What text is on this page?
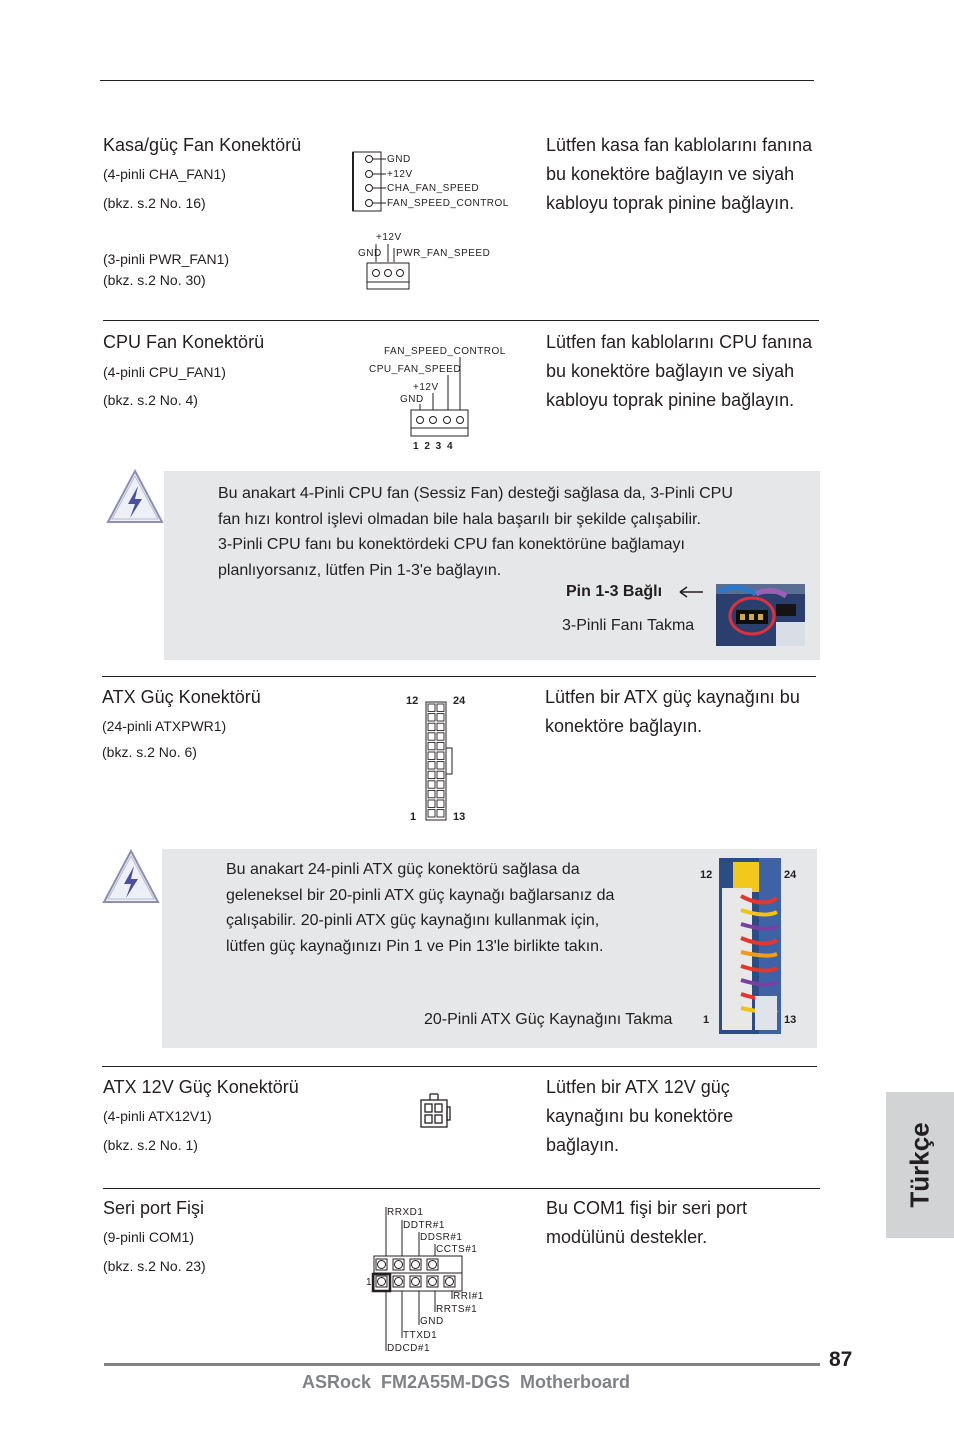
Kasa/güç Fan Konektörü
(4-pinli CHA_FAN1)
(bkz. s.2 No. 16)
(3-pinli PWR_FAN1)
(bkz. s.2 No. 30)
Lütfen kasa fan kablolarını fanına bu konektöre bağlayın ve siyah kabloyu toprak pinine bağlayın.
GND
+12V
CHA_FAN_SPEED
FAN_SPEED_CONTROL
+12V
GND PWR_FAN_SPEED
CPU Fan Konektörü
(4-pinli CPU_FAN1)
(bkz. s.2 No. 4)
Lütfen fan kablolarını CPU fanına bu konektöre bağlayın ve siyah kabloyu toprak pinine bağlayın.
FAN_SPEED_CONTROL
CPU_FAN_SPEED
+12V
GND
1 2 3 4
Bu anakart 4-Pinli CPU fan (Sessiz Fan) desteği sağlasa da, 3-Pinli CPU
fan hızı kontrol işlevi olmadan bile hala başarılı bir şekilde çalışabilir.
3-Pinli CPU fanı bu konektördeki CPU fan konektörüne bağlamayı
planlıyorsanız, lütfen Pin 1-3'e bağlayın.
Pin 1-3 Bağlı
3-Pinli Fanı Takma
ATX Güç Konektörü
(24-pinli ATXPWR1)
(bkz. s.2 No. 6)
Lütfen bir ATX güç kaynağını bu konektöre bağlayın.
12	24
1	13
Bu anakart 24-pinli ATX güç konektörü sağlasa da
geleneksel bir 20-pinli ATX güç kaynağı bağlarsanız da
çalışabilir. 20-pinli ATX güç kaynağını kullanmak için,
lütfen güç kaynağınızı Pin 1 ve Pin 13'le birlikte takın.
20-Pinli ATX Güç Kaynağını Takma
12	24
1	13
ATX 12V Güç Konektörü
(4-pinli ATX12V1)
(bkz. s.2 No. 1)
Lütfen bir ATX 12V güç kaynağını bu konektöre bağlayın.
Seri port Fişi
(9-pinli COM1)
(bkz. s.2 No. 23)
Bu COM1 fişi bir seri port modülünü destekler.
RRXD1
DDTR#1
DDSR#1
CCTS#1
RRI#1
RRTS#1
GND
TTXD1
DDCD#1
1
Türkçe
87
ASRock  FM2A55M-DGS  Motherboard
